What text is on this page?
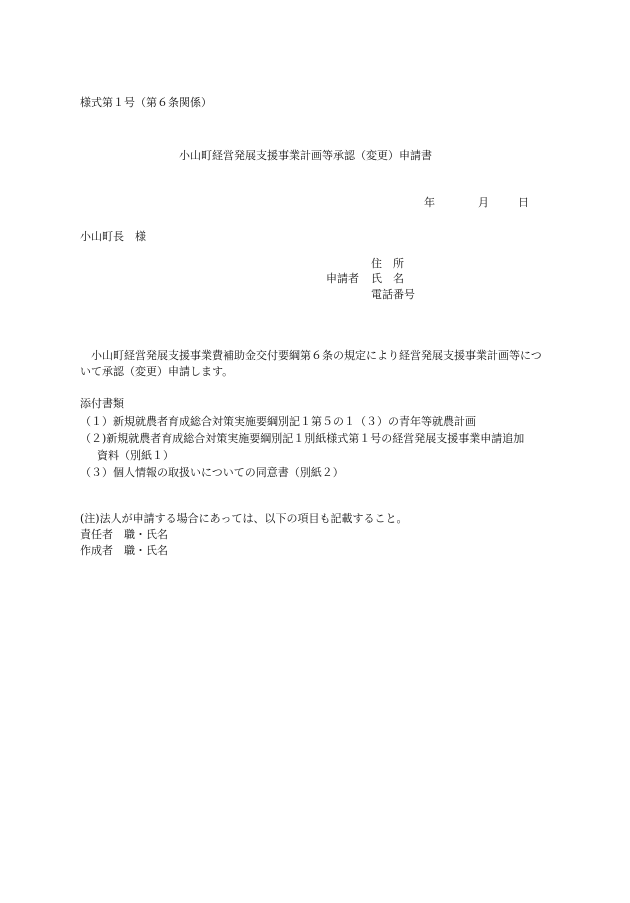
様式第１号（第６条関係）
小山町経営発展支援事業計画等承認（変更）申請書
年	月	日
小山町長　様
住　所
申請者 氏　名
電話番号
小山町経営発展支援事業費補助金交付要綱第６条の規定により経営発展支援事業計画等について承認（変更）申請します。
添付書類
（１）新規就農者育成総合対策実施要綱別記１第５の１（３）の青年等就農計画
（２)新規就農者育成総合対策実施要綱別記１別紙様式第１号の経営発展支援事業申請追加
資料（別紙１）
（３）個人情報の取扱いについての同意書（別紙２）
(注)法人が申請する場合にあっては、以下の項目も記載すること。
責任者　職・氏名
作成者　職・氏名
